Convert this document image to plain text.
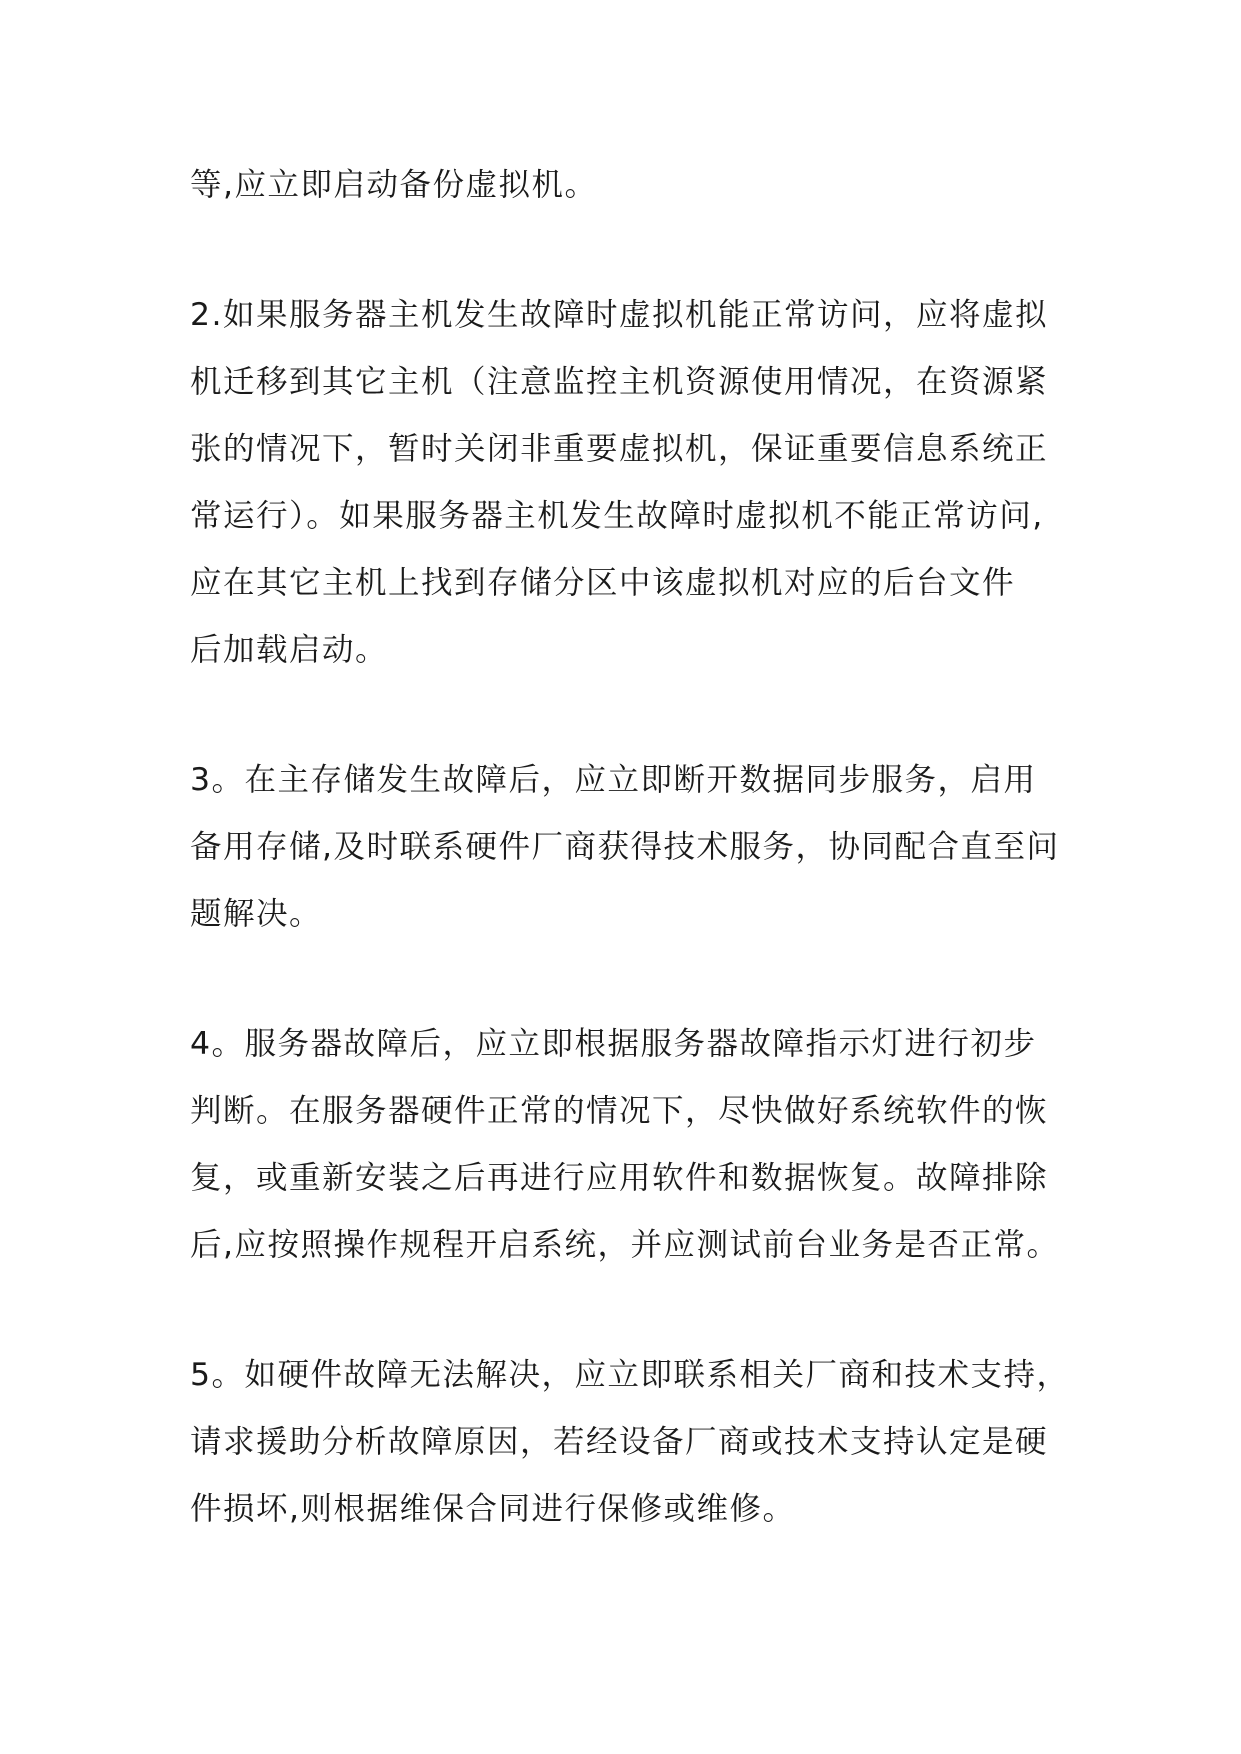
等,应立即启动备份虚拟机。

2.如果服务器主机发生故障时虚拟机能正常访问，应将虚拟
机迁移到其它主机（注意监控主机资源使用情况，在资源紧
张的情况下，暂时关闭非重要虚拟机，保证重要信息系统正
常运行）。如果服务器主机发生故障时虚拟机不能正常访问,
应在其它主机上找到存储分区中该虚拟机对应的后台文件
后加载启动。

3。在主存储发生故障后，应立即断开数据同步服务，启用
备用存储,及时联系硬件厂商获得技术服务，协同配合直至问
题解决。

4。服务器故障后，应立即根据服务器故障指示灯进行初步
判断。在服务器硬件正常的情况下，尽快做好系统软件的恢
复，或重新安装之后再进行应用软件和数据恢复。故障排除
后,应按照操作规程开启系统，并应测试前台业务是否正常。

5。如硬件故障无法解决，应立即联系相关厂商和技术支持，
请求援助分析故障原因，若经设备厂商或技术支持认定是硬
件损坏,则根据维保合同进行保修或维修。
